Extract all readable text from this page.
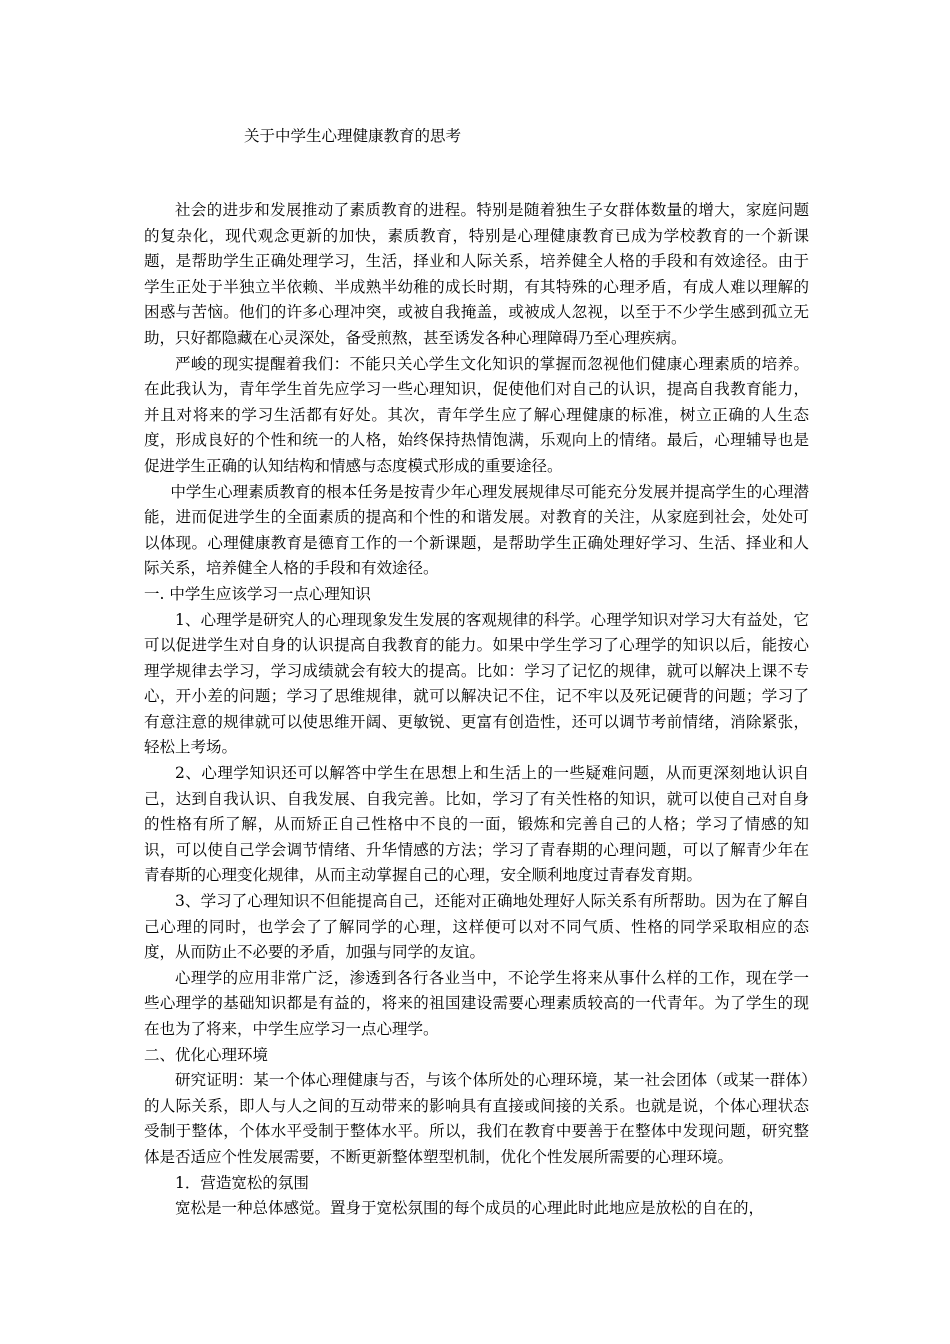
关于中学生心理健康教育的思考

社会的进步和发展推动了素质教育的进程。特别是随着独生子女群体数量的增大，家庭问题的复杂化，现代观念更新的加快，素质教育，特别是心理健康教育已成为学校教育的一个新课题，是帮助学生正确处理学习，生活，择业和人际关系，培养健全人格的手段和有效途径。由于学生正处于半独立半依赖、半成熟半幼稚的成长时期，有其特殊的心理矛盾，有成人难以理解的困惑与苦恼。他们的许多心理冲突，或被自我掩盖，或被成人忽视，以至于不少学生感到孤立无助，只好都隐藏在心灵深处，备受煎熬，甚至诱发各种心理障碍乃至心理疾病。

严峻的现实提醒着我们：不能只关心学生文化知识的掌握而忽视他们健康心理素质的培养。在此我认为，青年学生首先应学习一些心理知识，促使他们对自己的认识，提高自我教育能力，并且对将来的学习生活都有好处。其次，青年学生应了解心理健康的标准，树立正确的人生态度，形成良好的个性和统一的人格，始终保持热情饱满，乐观向上的情绪。最后，心理辅导也是促进学生正确的认知结构和情感与态度模式形成的重要途径。

中学生心理素质教育的根本任务是按青少年心理发展规律尽可能充分发展并提高学生的心理潜能，进而促进学生的全面素质的提高和个性的和谐发展。对教育的关注，从家庭到社会，处处可以体现。心理健康教育是德育工作的一个新课题，是帮助学生正确处理好学习、生活、择业和人际关系，培养健全人格的手段和有效途径。

一. 中学生应该学习一点心理知识

1、心理学是研究人的心理现象发生发展的客观规律的科学。心理学知识对学习大有益处，它可以促进学生对自身的认识提高自我教育的能力。如果中学生学习了心理学的知识以后，能按心理学规律去学习，学习成绩就会有较大的提高。比如：学习了记忆的规律，就可以解决上课不专心，开小差的问题；学习了思维规律，就可以解决记不住，记不牢以及死记硬背的问题；学习了有意注意的规律就可以使思维开阔、更敏锐、更富有创造性，还可以调节考前情绪，消除紧张，轻松上考场。

2、心理学知识还可以解答中学生在思想上和生活上的一些疑难问题，从而更深刻地认识自己，达到自我认识、自我发展、自我完善。比如，学习了有关性格的知识，就可以使自己对自身的性格有所了解，从而矫正自己性格中不良的一面，锻炼和完善自己的人格；学习了情感的知识，可以使自己学会调节情绪、升华情感的方法；学习了青春期的心理问题，可以了解青少年在青春斯的心理变化规律，从而主动掌握自己的心理，安全顺利地度过青春发育期。

3、学习了心理知识不但能提高自己，还能对正确地处理好人际关系有所帮助。因为在了解自己心理的同时，也学会了了解同学的心理，这样便可以对不同气质、性格的同学采取相应的态度，从而防止不必要的矛盾，加强与同学的友谊。

心理学的应用非常广泛，渗透到各行各业当中，不论学生将来从事什么样的工作，现在学一些心理学的基础知识都是有益的，将来的祖国建设需要心理素质较高的一代青年。为了学生的现在也为了将来，中学生应学习一点心理学。

二、优化心理环境

研究证明：某一个体心理健康与否，与该个体所处的心理环境，某一社会团体（或某一群体）的人际关系，即人与人之间的互动带来的影响具有直接或间接的关系。也就是说，个体心理状态受制于整体，个体水平受制于整体水平。所以，我们在教育中要善于在整体中发现问题，研究整体是否适应个性发展需要，不断更新整体塑型机制，优化个性发展所需要的心理环境。

1．营造宽松的氛围

宽松是一种总体感觉。置身于宽松氛围的每个成员的心理此时此地应是放松的自在的，
